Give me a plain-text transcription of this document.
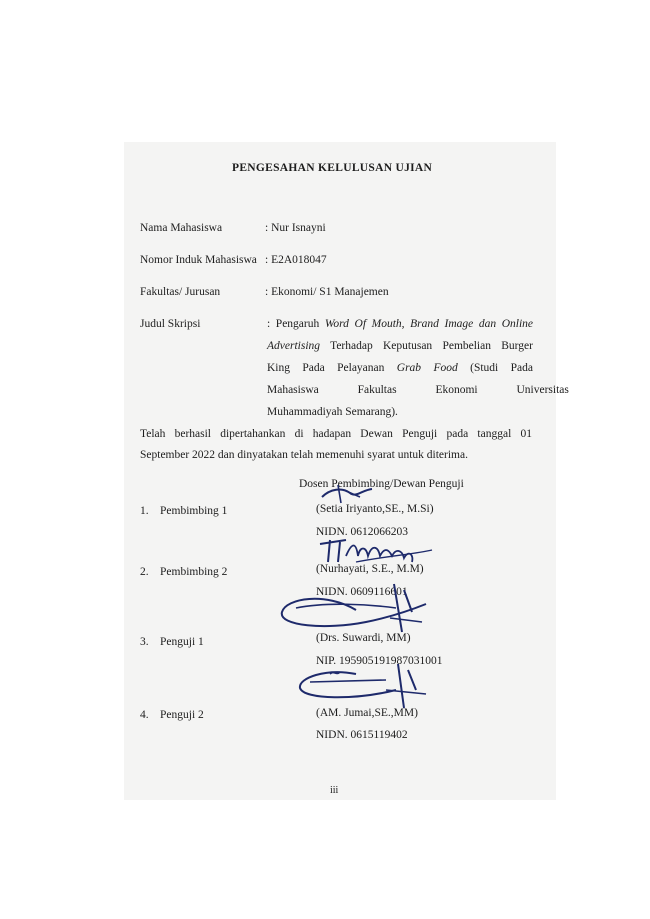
PENGESAHAN KELULUSAN UJIAN
Nama Mahasiswa	: Nur Isnayni
Nomor Induk Mahasiswa : E2A018047
Fakultas/ Jurusan	: Ekonomi/ S1 Manajemen
Judul Skripsi	: Pengaruh Word Of Mouth, Brand Image dan Online
Advertising Terhadap Keputusan Pembelian Burger
King Pada Pelayanan Grab Food (Studi Pada
Mahasiswa Fakultas Ekonomi Universitas
Muhammadiyah Semarang).
Telah berhasil dipertahankan di hadapan Dewan Penguji pada tanggal 01
September 2022 dan dinyatakan telah memenuhi syarat untuk diterima.
Dosen Pembimbing/Dewan Penguji
1. Pembimbing 1	(Setia Iriyanto,SE., M.Si)
NIDN. 0612066203
2. Pembimbing 2	(Nurhayati, S.E., M.M)
NIDN. 0609116601
3. Penguji 1	(Drs. Suwardi, MM)
NIP. 195905191987031001
4. Penguji 2	(AM. Jumai,SE.,MM)
NIDN. 0615119402
iii
